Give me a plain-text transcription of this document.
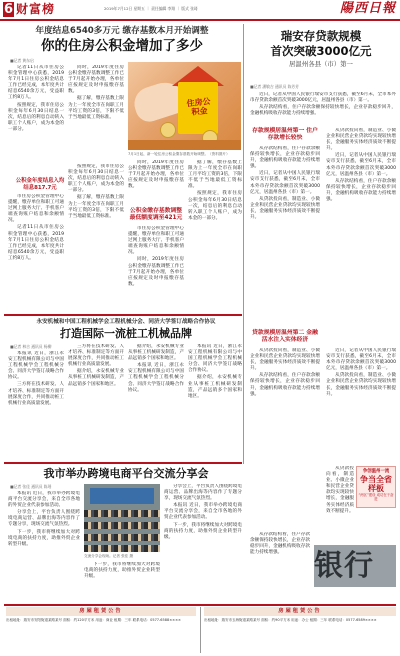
6 财富榜	2019年7月12日 星期五 ｜ 责任编辑 李翔 ｜ 版式 张琦	陽西日報
年度结息6540多万元 缴存基数本月开始调整
你的住房公积金增加了多少
■记者 黄东启

记者11日从市住房公积金管理中心获悉，2019年7月1日住房公积金结息工作已经完成，本年度共计结息6540余万元，受益职工约8万人。

按照规定，我市住房公积金每年6月30日结息一次，结息后的利息自动转入职工个人账户，成为本金的一部分。

同时，2019年度住房公积金缴存基数调整工作已于7月起开始办理，各单位应按规定及时申报缴存基数。

据了解，缴存基数上限为上一年度全市在岗职工月平均工资的3倍，下限不低于当地最低工资标准。

住房公积金
7月1日起，新一轮住房公积金缴存基数开始调整。（资料图片）
公积金年度结息入均结息817.7元

市住房公积金管理中心提醒，缴存单位和职工可通过网上服务大厅、手机客户端查询账户结息和余额情况。

记者11日从市住房公积金管理中心获悉，2019年7月1日住房公积金结息工作已经完成，本年度共计结息6540余万元，受益职工约8万人。

按照规定，我市住房公积金每年6月30日结息一次，结息后的利息自动转入职工个人账户，成为本金的一部分。

据了解，缴存基数上限为上一年度全市在岗职工月平均工资的3倍，下限不低于当地最低工资标准。

公积金缴存基数调整 最低额度调至421元

同时，2019年度住房公积金缴存基数调整工作已于7月起开始办理，各单位应按规定及时申报缴存基数。

市住房公积金管理中心提醒，缴存单位和职工可通过网上服务大厅、手机客户端查询账户结息和余额情况。

同时，2019年度住房公积金缴存基数调整工作已于7月起开始办理，各单位应按规定及时申报缴存基数。

据了解，缴存基数上限为上一年度全市在岗职工月平均工资的3倍，下限不低于当地最低工资标准。

按照规定，我市住房公积金每年6月30日结息一次，结息后的利息自动转入职工个人账户，成为本金的一部分。

瑞安存贷款规模
首次突破3000亿元
居温州各县（市）第一
■记者 潘敏吉 通讯员 陈芳芳

近日，记者从中国人民银行瑞安市支行获悉，截至6月末，全市本外币存贷款余额首次突破3000亿元，居温州各县（市）第一。

从存款结构看，住户存款余额保持较快增长，企业存款稳步回升，金融机构吸收存款能力持续增强。

存款规模居温州第一 住户存款增长较快

从存款结构看，住户存款余额保持较快增长，企业存款稳步回升，金融机构吸收存款能力持续增强。

近日，记者从中国人民银行瑞安市支行获悉，截至6月末，全市本外币存贷款余额首次突破3000亿元，居温州各县（市）第一。

从贷款投向看，制造业、小微企业和民营企业贷款均实现较快增长，金融服务实体经济质效不断提升。

从贷款投向看，制造业、小微企业和民营企业贷款均实现较快增长，金融服务实体经济质效不断提升。

近日，记者从中国人民银行瑞安市支行获悉，截至6月末，全市本外币存贷款余额首次突破3000亿元，居温州各县（市）第一。

从存款结构看，住户存款余额保持较快增长，企业存款稳步回升，金融机构吸收存款能力持续增强。

贷款规模居温州第二 金融活水注入实体经济

从贷款投向看，制造业、小微企业和民营企业贷款均实现较快增长，金融服务实体经济质效不断提升。

从存款结构看，住户存款余额保持较快增长，企业存款稳步回升，金融机构吸收存款能力持续增强。

近日，记者从中国人民银行瑞安市支行获悉，截至6月末，全市本外币存贷款余额首次突破3000亿元，居温州各县（市）第一。

从贷款投向看，制造业、小微企业和民营企业贷款均实现较快增长，金融服务实体经济质效不断提升。

从存款结构看，住户存款余额保持较快增长，企业存款稳步回升，金融机构吸收存款能力持续增强。

争创温州一流
争当全省样板
“两区”建设 成功在于奋进

从贷款投向看，制造业、小微企业和民营企业贷款均实现较快增长，金融服务实体经济质效不断提升。

银行
永安机械和中国工程机械学会工程机械分会、同济大学签订战略合作协议
打造国际一流桩工机械品牌
■记者 林吉 通讯员 杨柳

本报讯 近日，浙江永安工程机械有限公司与中国工程机械学会工程机械分会、同济大学签订战略合作协议。

三方将在技术研发、人才培养、标准制定等方面开展深度合作，共同推动桩工机械行业高质量发展。

三方将在技术研发、人才培养、标准制定等方面开展深度合作，共同推动桩工机械行业高质量发展。

据介绍，永安机械专业从事桩工机械研发制造，产品远销多个国家和地区。

据介绍，永安机械专业从事桩工机械研发制造，产品远销多个国家和地区。

本报讯 近日，浙江永安工程机械有限公司与中国工程机械学会工程机械分会、同济大学签订战略合作协议。

本报讯 近日，浙江永安工程机械有限公司与中国工程机械学会工程机械分会、同济大学签订战略合作协议。

据介绍，永安机械专业从事桩工机械研发制造，产品远销多个国家和地区。

我市举办跨境电商平台交流分享会
■记者 张佳 通讯员 陈瑶

本报讯 近日，我市举办跨境电商平台交流分享会，来自全市各地的外贸企业代表参加活动。

分享会上，平台负责人围绕跨境电商运营、品牌出海等内容作了专题分享，现场交流气氛热烈。

下一步，我市将继续加大对跨境电商的扶持力度，助推外贸企业转型升级。

交流分享会现场。记者 张佳 摄

下一步，我市将继续加大对跨境电商的扶持力度，助推外贸企业转型升级。

分享会上，平台负责人围绕跨境电商运营、品牌出海等内容作了专题分享，现场交流气氛热烈。

本报讯 近日，我市举办跨境电商平台交流分享会，来自全市各地的外贸企业代表参加活动。

下一步，我市将继续加大对跨境电商的扶持力度，助推外贸企业转型升级。

房屋租赁公告	房屋租赁公告
出租地址：瑞安市安阳街道某路某号 面积：约120平方米 用途：商业 租期：三年 联系电话：0577-6588××××	出租地址：瑞安市玉海街道某路某号 面积：约90平方米 用途：办公 租期：三年 联系电话：0577-6589××××
